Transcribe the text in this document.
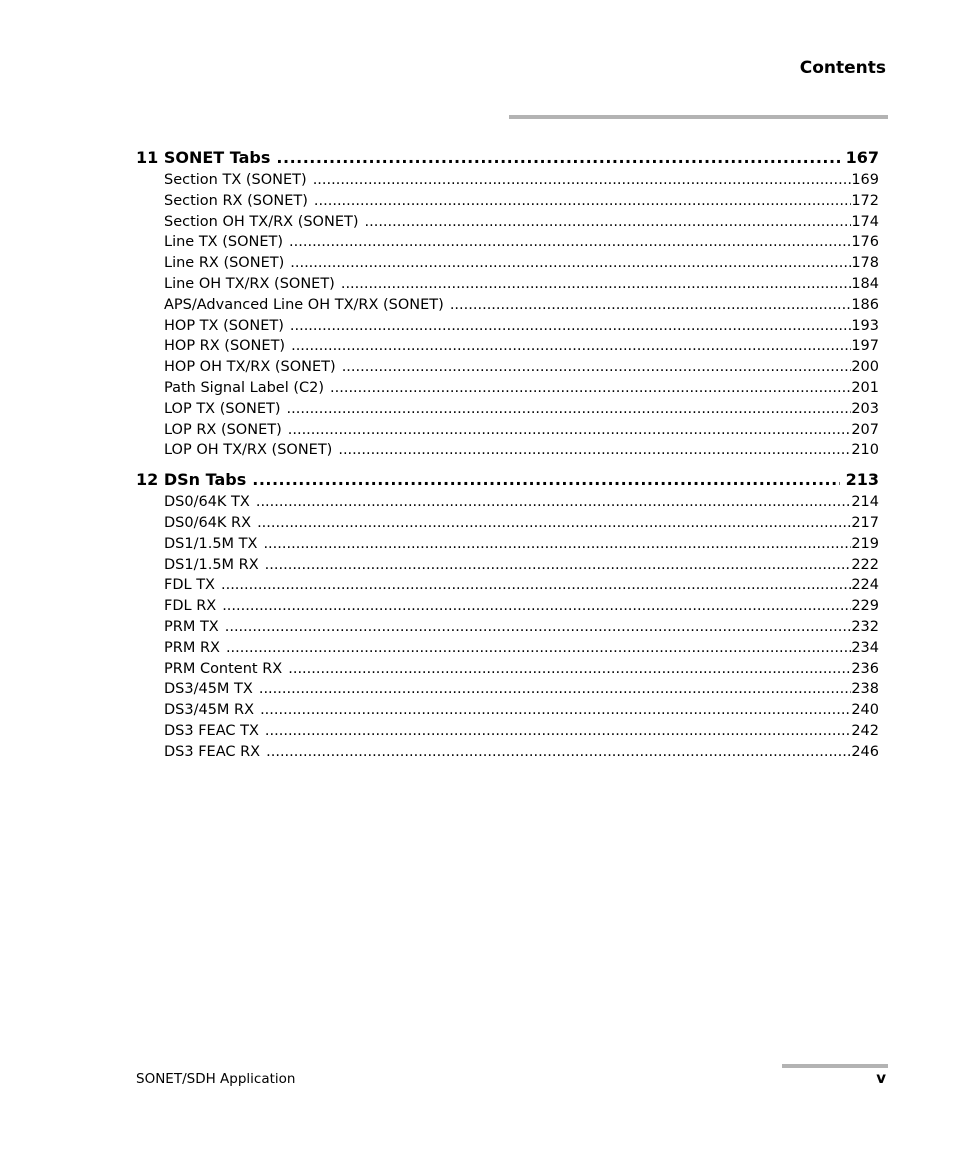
Contents
11 SONET Tabs .....	167
Section TX (SONET) .....	169
Section RX (SONET) .....	172
Section OH TX/RX (SONET) .....	174
Line TX (SONET) .....	176
Line RX (SONET) .....	178
Line OH TX/RX (SONET) .....	184
APS/Advanced Line OH TX/RX (SONET) .....	186
HOP TX (SONET) .....	193
HOP RX (SONET) .....	197
HOP OH TX/RX (SONET) .....	200
Path Signal Label (C2) .....	201
LOP TX (SONET) .....	203
LOP RX (SONET) .....	207
LOP OH TX/RX (SONET) .....	210
12 DSn Tabs .....	213
DS0/64K TX .....	214
DS0/64K RX .....	217
DS1/1.5M TX .....	219
DS1/1.5M RX .....	222
FDL TX .....	224
FDL RX .....	229
PRM TX .....	232
PRM RX .....	234
PRM Content RX .....	236
DS3/45M TX .....	238
DS3/45M RX .....	240
DS3 FEAC TX .....	242
DS3 FEAC RX .....	246
SONET/SDH Application	v
